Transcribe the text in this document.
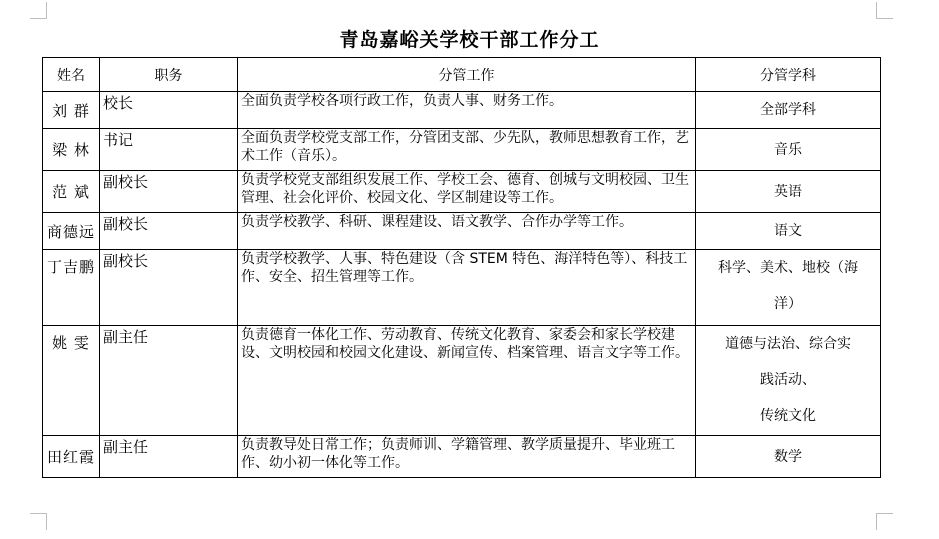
青岛嘉峪关学校干部工作分工
姓名	职务	分管工作	分管学科
刘 群	校长	全面负责学校各项行政工作，负责人事、财务工作。	全部学科

梁 林	书记	全面负责学校党支部工作，分管团支部、少先队，教师思想教育工作，艺术工作（音乐）。	音乐

范 斌	副校长	负责学校党支部组织发展工作、学校工会、德育、创城与文明校园、卫生管理、社会化评价、校园文化、学区制建设等工作。	英语

商德远	副校长	负责学校教学、科研、课程建设、语文教学、合作办学等工作。	语文

丁吉鹏	副校长	负责学校教学、人事、特色建设（含 STEM 特色、海洋特色等）、科技工作、安全、招生管理等工作。	科学、美术、地校（海
洋）

姚 雯	副主任	负责德育一体化工作、劳动教育、传统文化教育、家委会和家长学校建设、文明校园和校园文化建设、新闻宣传、档案管理、语言文字等工作。	道德与法治、综合实
践活动、
传统文化

田红霞	副主任	负责教导处日常工作；负责师训、学籍管理、教学质量提升、毕业班工作、幼小初一体化等工作。	数学
